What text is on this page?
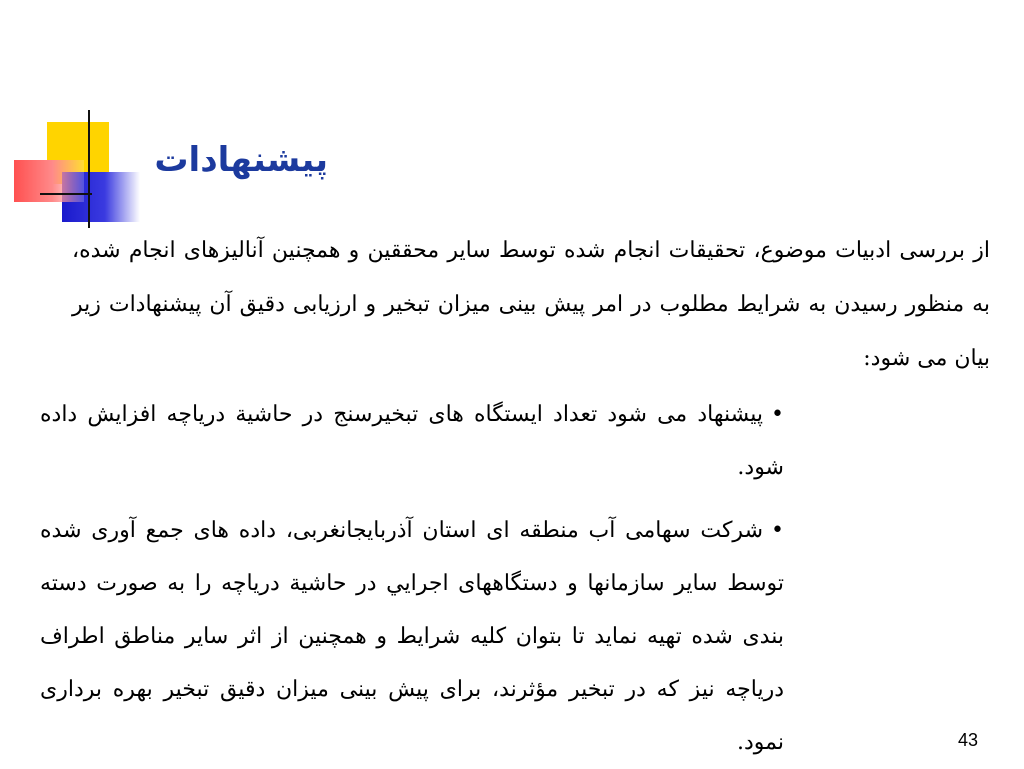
پیشنهادات
از بررسی ادبیات موضوع، تحقیقات انجام شده توسط سایر محققین و همچنین آنالیزهای انجام شده، به منظور رسیدن به شرایط مطلوب در امر پیش بینی میزان تبخیر و ارزیابی دقیق آن پیشنهادات زیر بیان می شود:

•پیشنهاد می شود تعداد ایستگاه های تبخیرسنج در حاشیة دریاچه افزایش داده شود.

•شرکت سهامی آب منطقه ای استان آذربایجانغربی، داده های جمع آوری شده توسط سایر سازمانها و دستگاههای اجرايي در حاشیة دریاچه را به صورت دسته بندی شده تهیه نماید تا بتوان کلیه شرایط و همچنین از اثر سایر مناطق اطراف دریاچه نیز که در تبخیر مؤثرند، برای پیش بینی میزان دقیق تبخیر بهره برداری نمود.	43
